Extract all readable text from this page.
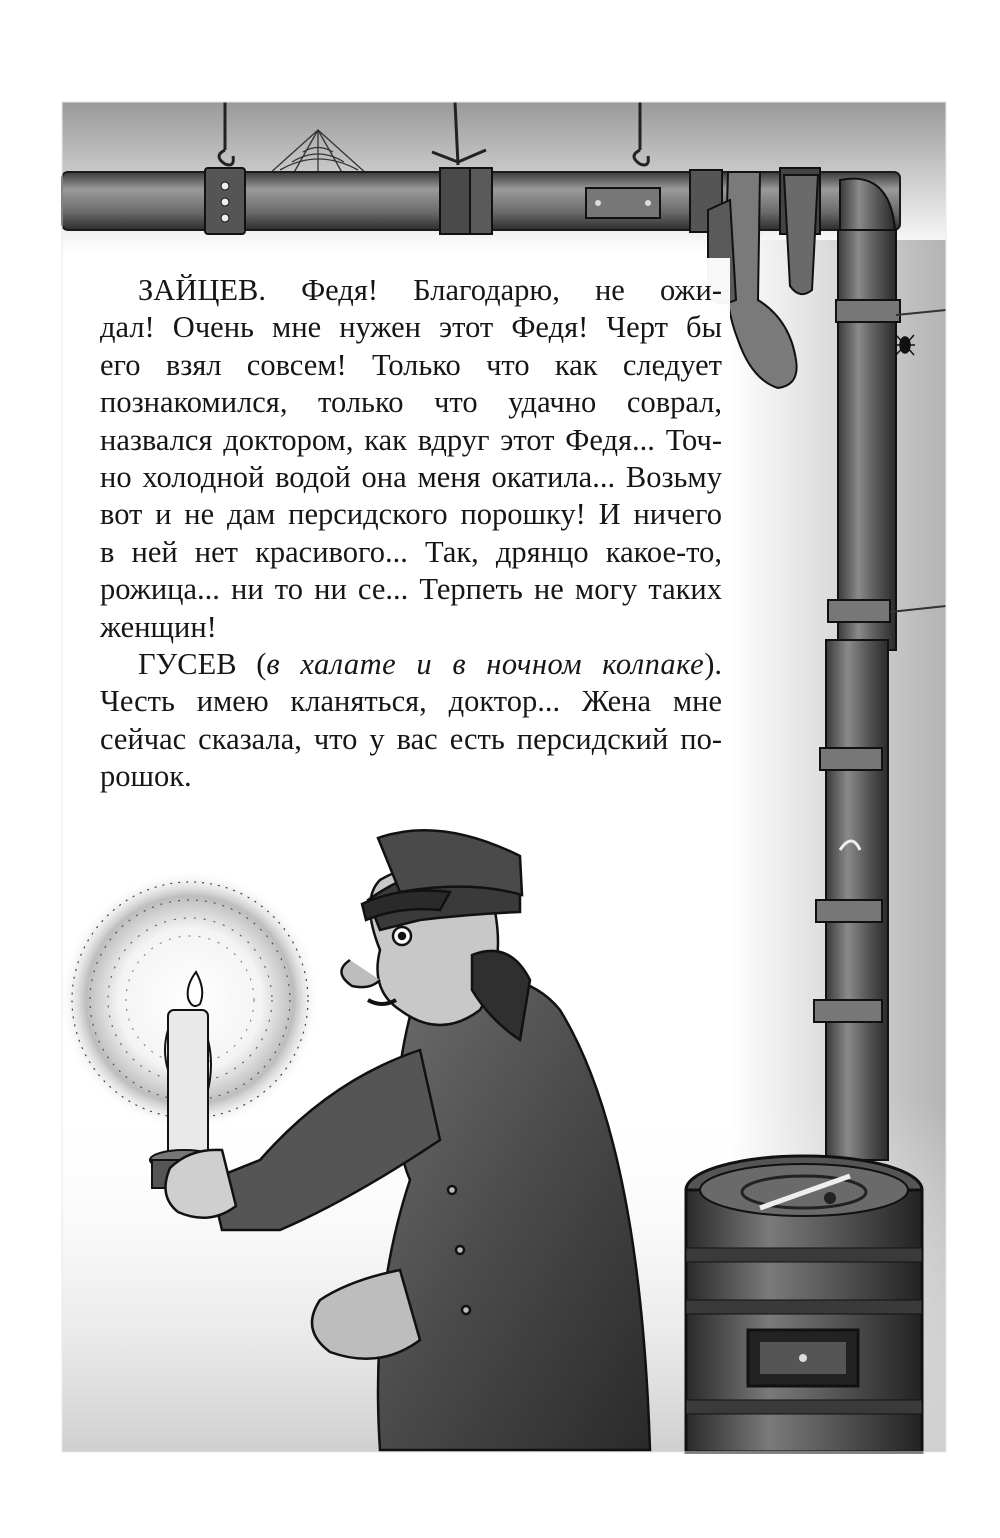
ЗАЙЦЕВ. Федя! Благодарю, не ожи-
дал! Очень мне нужен этот Федя! Черт бы
его взял совсем! Только что как следует
познакомился, только что удачно соврал,
назвался доктором, как вдруг этот Федя... Точ-
но холодной водой она меня окатила... Возьму
вот и не дам персидского порошку! И ничего
в ней нет красивого... Так, дрянцо какое-то,
рожица... ни то ни се... Терпеть не могу таких
женщин!
ГУСЕВ (в халате и в ночном колпаке).
Честь имею кланяться, доктор... Жена мне
сейчас сказала, что у вас есть персидский по-
рошок.
